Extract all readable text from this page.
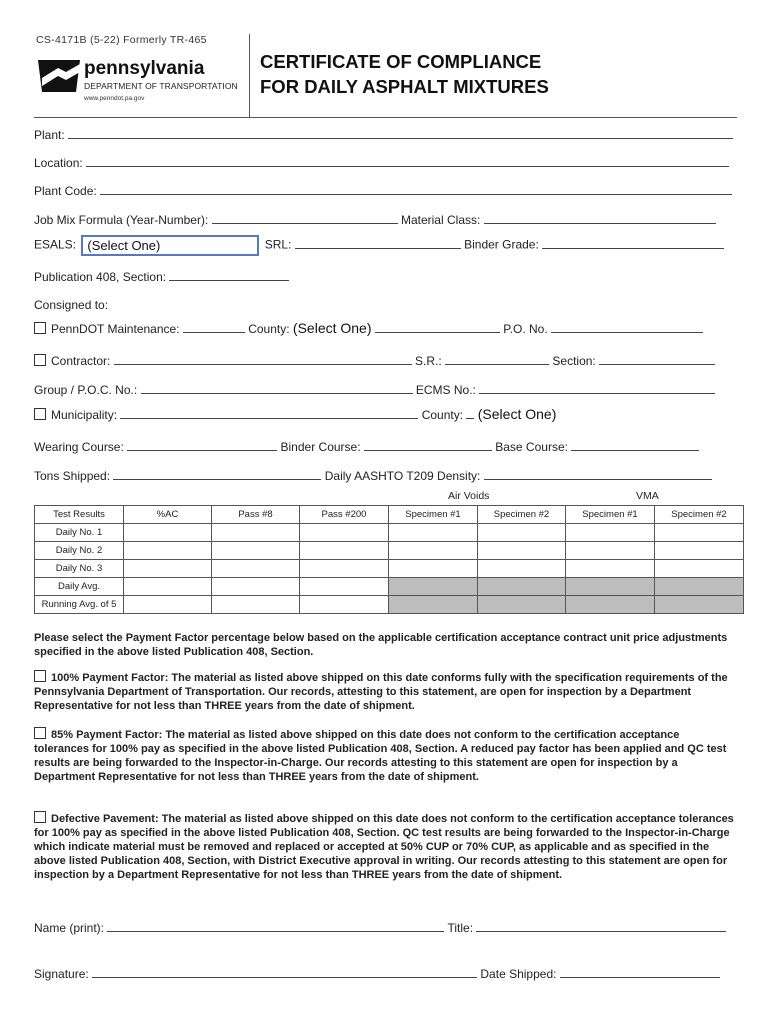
CS-4171B (5-22) Formerly TR-465
pennsylvania
DEPARTMENT OF TRANSPORTATION
www.penndot.pa.gov
CERTIFICATE OF COMPLIANCE
FOR DAILY ASPHALT MIXTURES
Plant:
Location:
Plant Code:
Job Mix Formula (Year-Number):	Material Class:
ESALS: (Select One)	SRL:	Binder Grade:
Publication 408, Section:
Consigned to:
PennDOT Maintenance:	County: (Select One)	P.O. No.
Contractor:	S.R.:	Section:
Group / P.O.C. No.:	ECMS No.:
Municipality:	County: (Select One)
Wearing Course:	Binder Course:	Base Course:
Tons Shipped:	Daily AASHTO T209 Density:
Air Voids	VMA
Test Results	%AC	Pass #8	Pass #200	Specimen #1	Specimen #2	Specimen #1	Specimen #2
Daily No. 1							
Daily No. 2							
Daily No. 3							
Daily Avg.							
Running Avg. of 5							
Please select the Payment Factor percentage below based on the applicable certification acceptance contract unit price adjustments specified in the above listed Publication 408, Section.
100% Payment Factor: The material as listed above shipped on this date conforms fully with the specification requirements of the Pennsylvania Department of Transportation. Our records, attesting to this statement, are open for inspection by a Department Representative for not less than THREE years from the date of shipment.
85% Payment Factor: The material as listed above shipped on this date does not conform to the certification acceptance tolerances for 100% pay as specified in the above listed Publication 408, Section. A reduced pay factor has been applied and QC test results are being forwarded to the Inspector-in-Charge. Our records attesting to this statement are open for inspection by a Department Representative for not less than THREE years from the date of shipment.
Defective Pavement: The material as listed above shipped on this date does not conform to the certification acceptance tolerances for 100% pay as specified in the above listed Publication 408, Section. QC test results are being forwarded to the Inspector-in-Charge which indicate material must be removed and replaced or accepted at 50% CUP or 70% CUP, as applicable and as specified in the above listed Publication 408, Section, with District Executive approval in writing. Our records attesting to this statement are open for inspection by a Department Representative for not less than THREE years from the date of shipment.
Name (print):	Title:
Signature:	Date Shipped:
